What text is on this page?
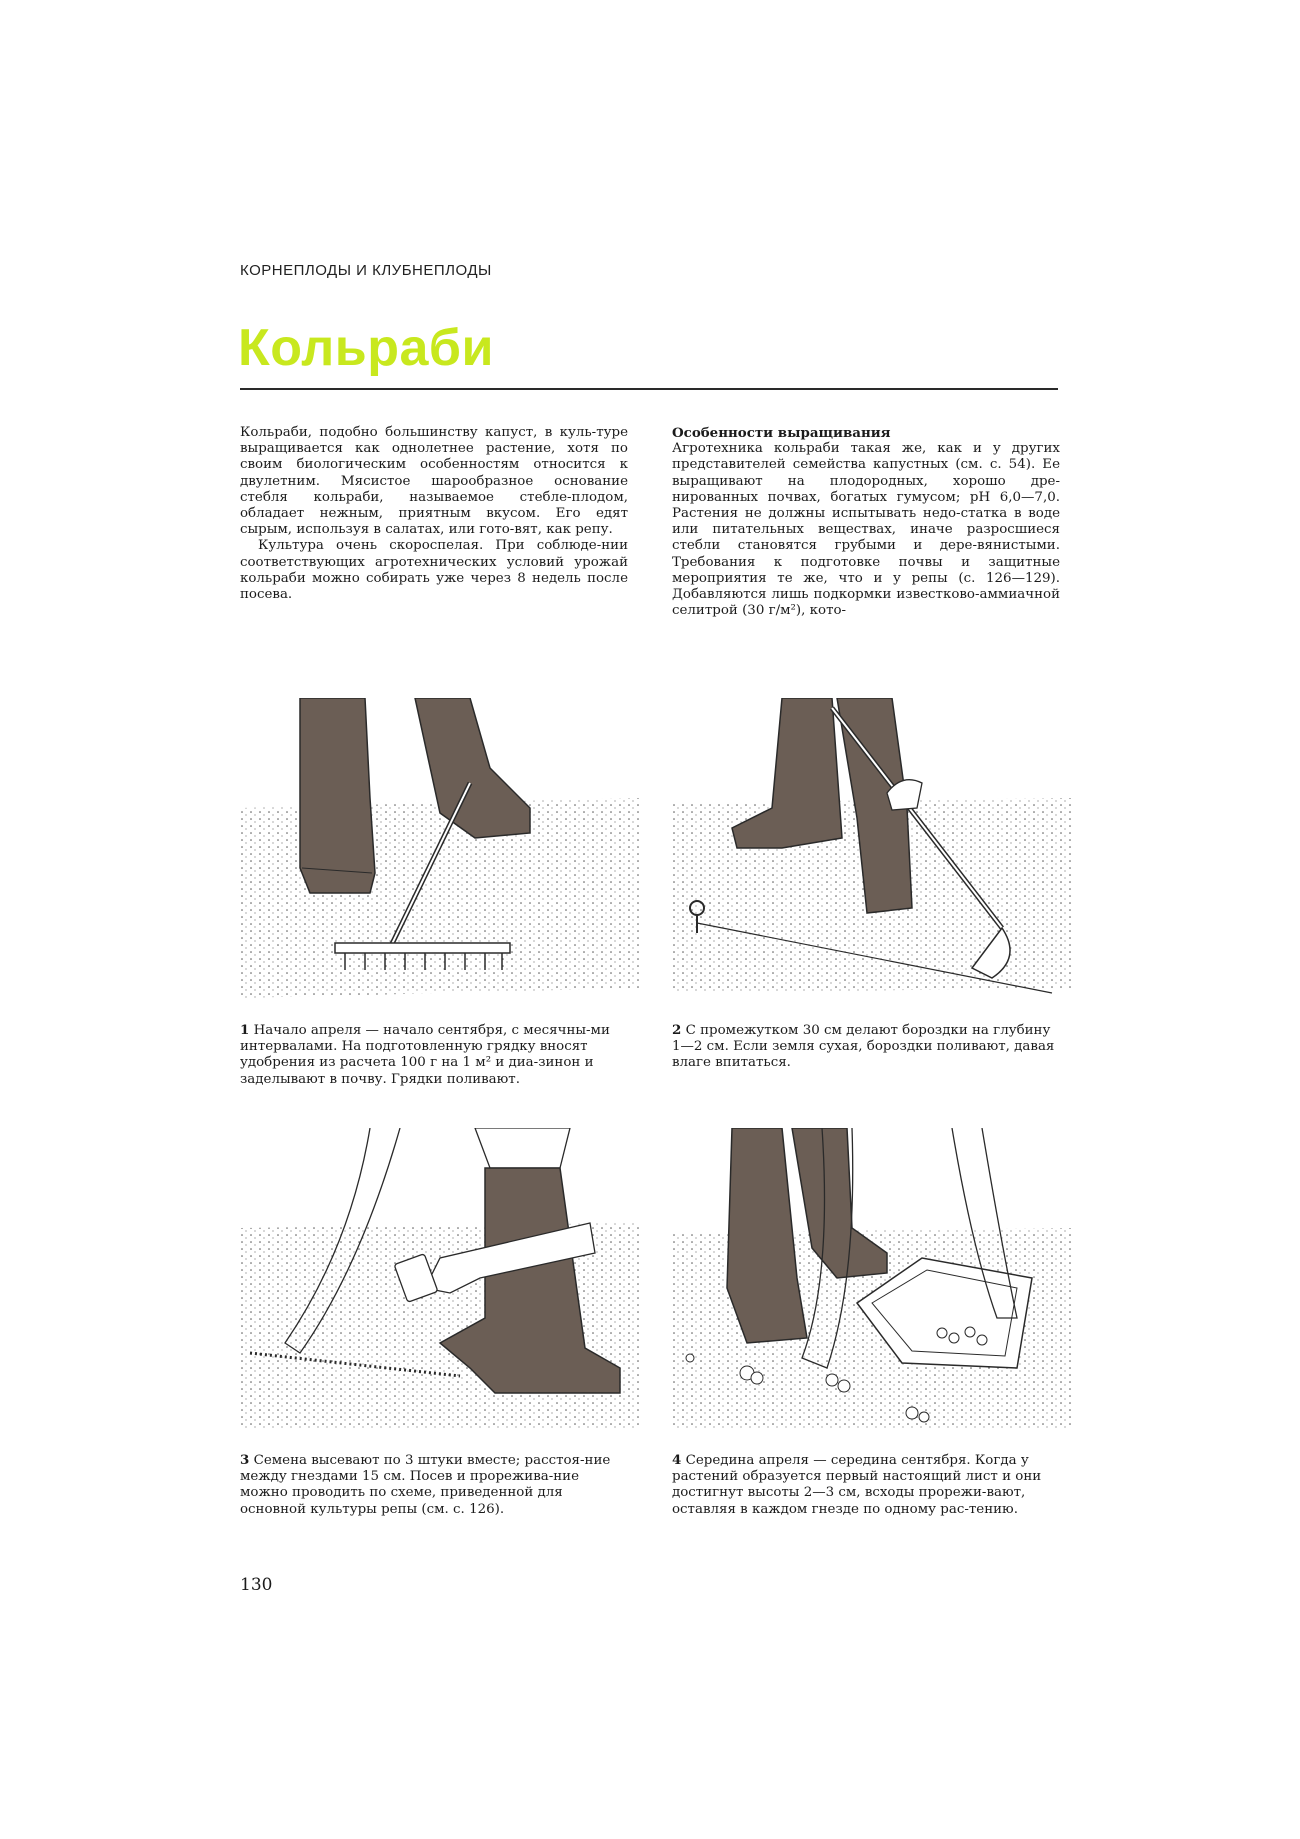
КОРНЕПЛОДЫ И КЛУБНЕПЛОДЫ
Кольраби

Кольраби, подобно большинству капуст, в куль-туре выращивается как однолетнее растение, хотя по своим биологическим особенностям относится к двулетним. Мясистое шарообразное основание стебля кольраби, называемое стебле-плодом, обладает нежным, приятным вкусом. Его едят сырым, используя в салатах, или гото-вят, как репу.

Культура очень скороспелая. При соблюде-нии соответствующих агротехнических условий урожай кольраби можно собирать уже через 8 недель после посева.

Особенности выращивания

Агротехника кольраби такая же, как и у других представителей семейства капустных (см. с. 54). Ее выращивают на плодородных, хорошо дре-нированных почвах, богатых гумусом; pH 6,0—7,0. Растения не должны испытывать недо-статка в воде или питательных веществах, иначе разросшиеся стебли становятся грубыми и дере-вянистыми. Требования к подготовке почвы и защитные мероприятия те же, что и у репы (с. 126—129). Добавляются лишь подкормки известково-аммиачной селитрой (30 г/м²), кото-

1 Начало апреля — начало сентября, с месячны-ми интервалами. На подготовленную грядку вносят удобрения из расчета 100 г на 1 м² и диа-зинон и заделывают в почву. Грядки поливают.
2 С промежутком 30 см делают бороздки на глубину 1—2 см. Если земля сухая, бороздки поливают, давая влаге впитаться.
3 Семена высевают по 3 штуки вместе; расстоя-ние между гнездами 15 см. Посев и прорежива-ние можно проводить по схеме, приведенной для основной культуры репы (см. с. 126).
4 Середина апреля — середина сентября. Когда у растений образуется первый настоящий лист и они достигнут высоты 2—3 см, всходы прорежи-вают, оставляя в каждом гнезде по одному рас-тению.
130
